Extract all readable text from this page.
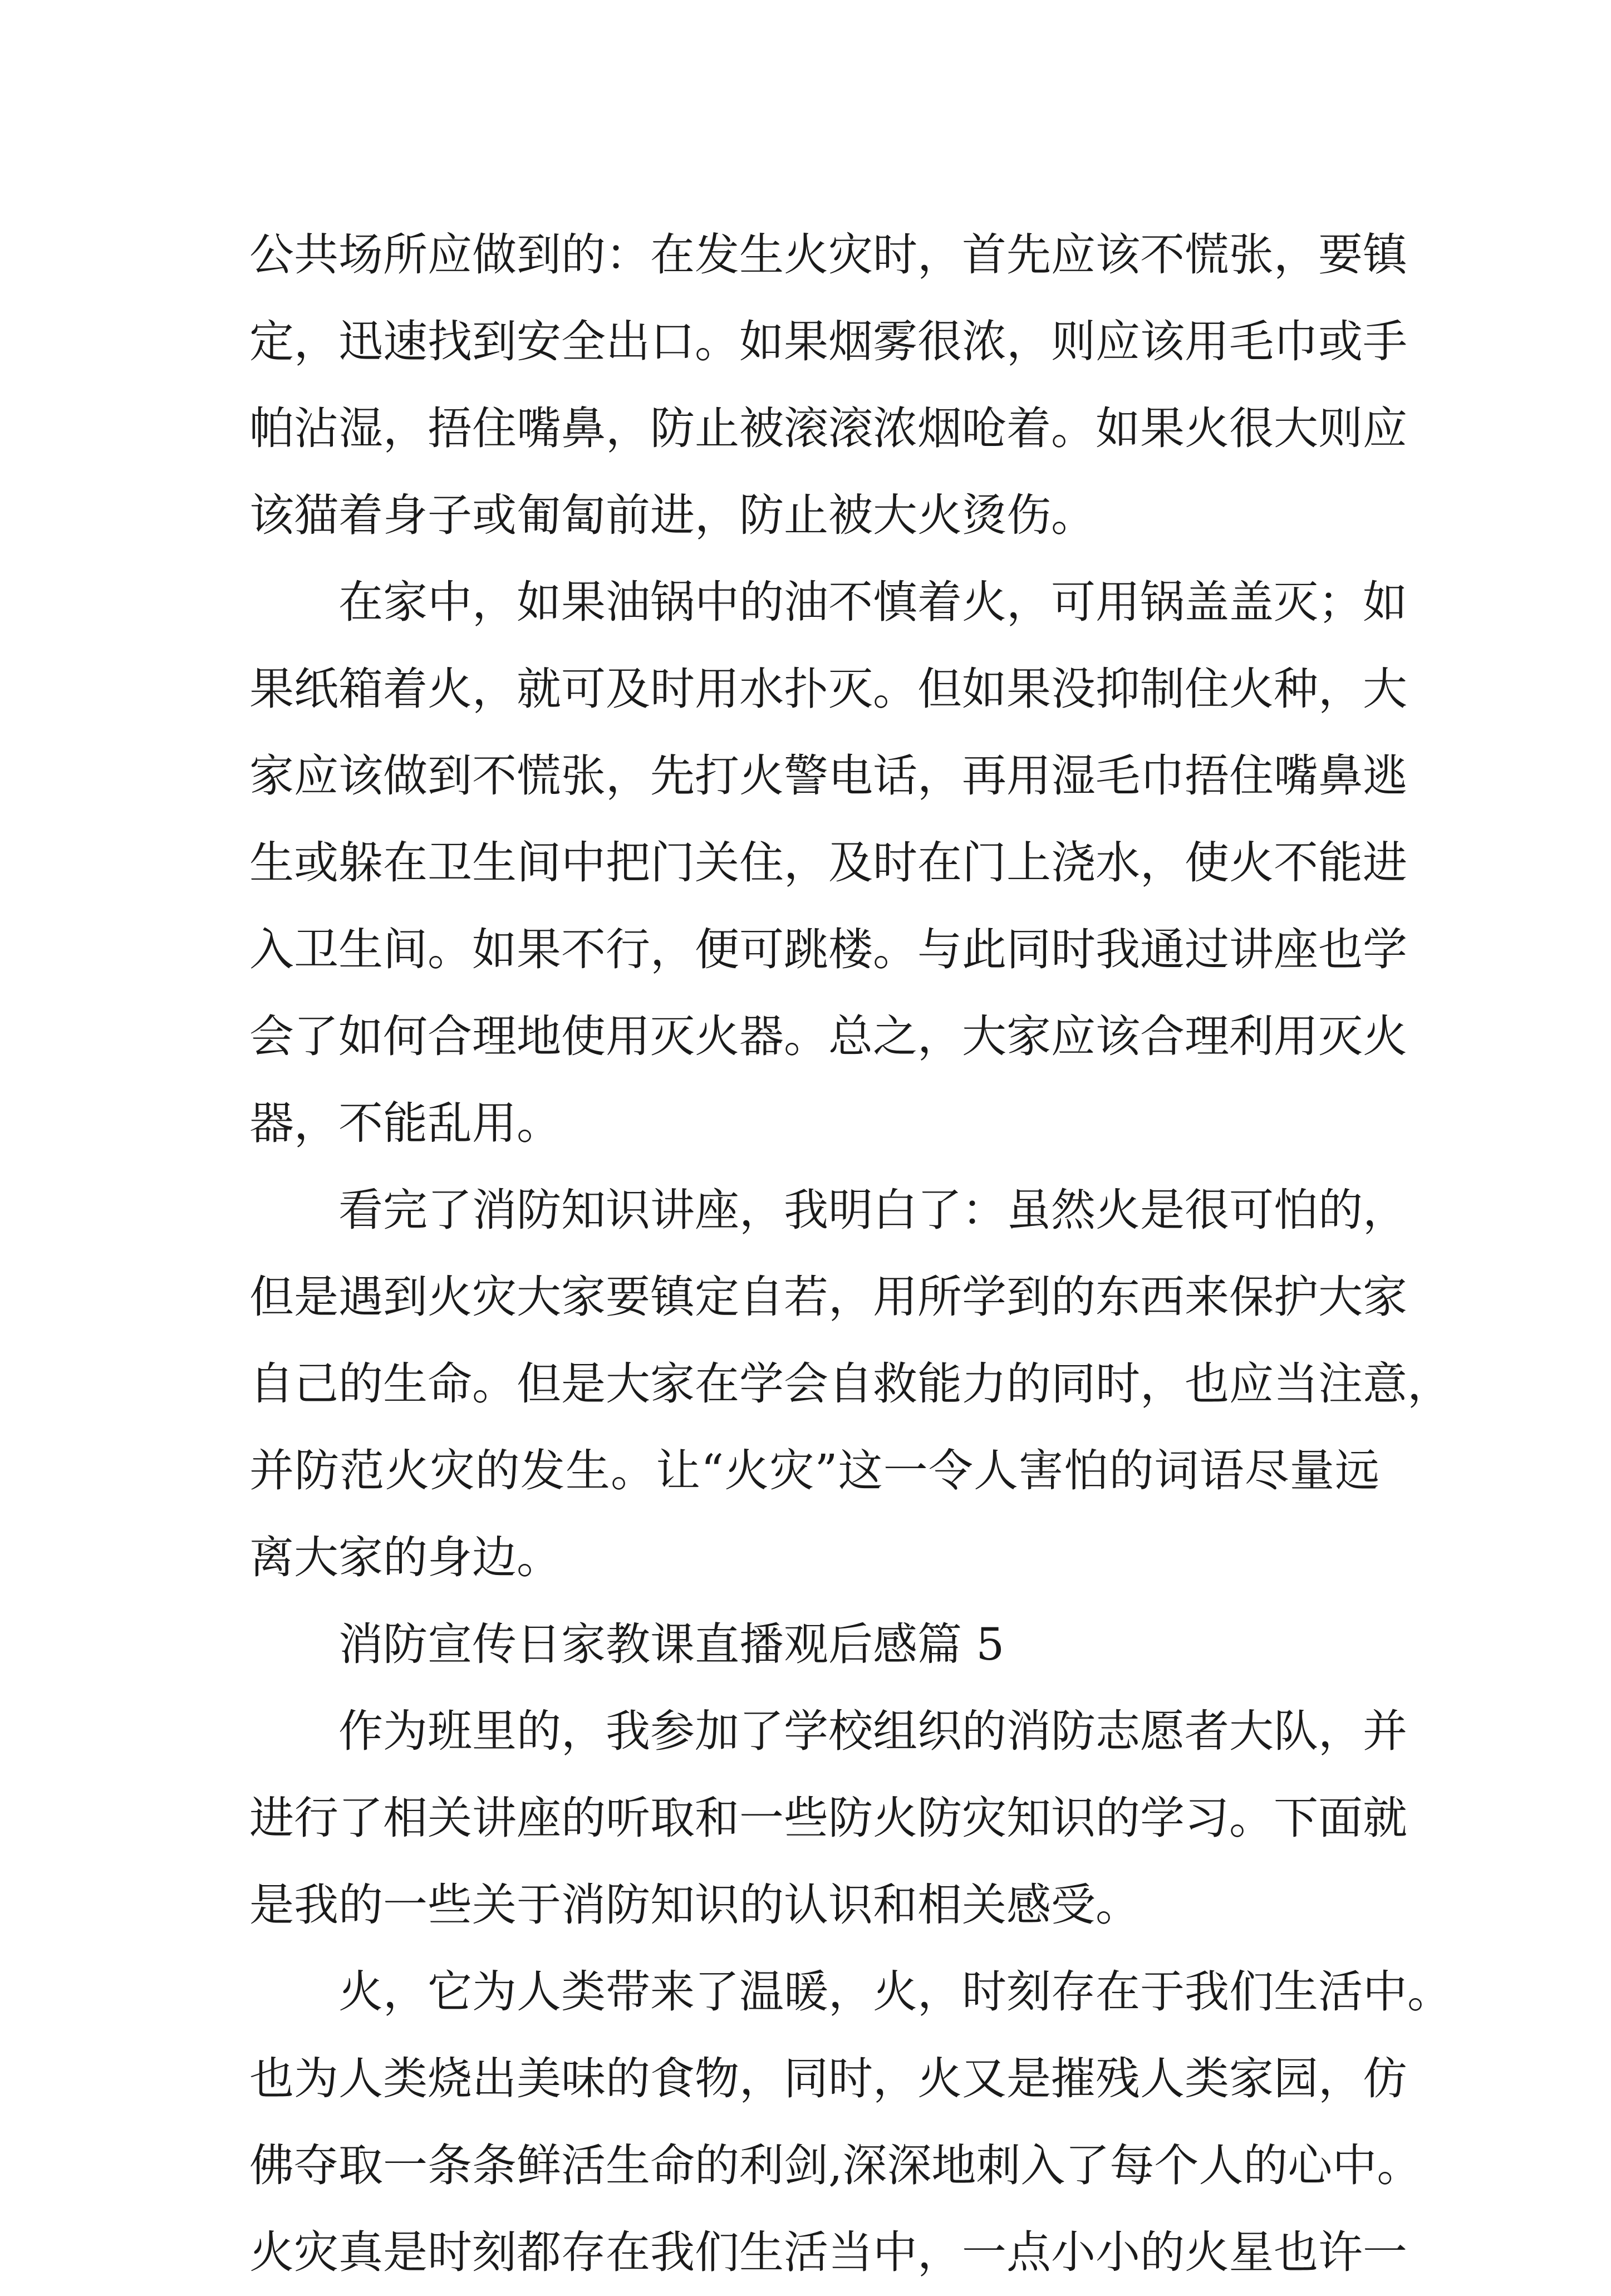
公共场所应做到的：在发生火灾时，首先应该不慌张，要镇
定，迅速找到安全出口。如果烟雾很浓，则应该用毛巾或手
帕沾湿，捂住嘴鼻，防止被滚滚浓烟呛着。如果火很大则应
该猫着身子或匍匐前进，防止被大火烫伤。
在家中，如果油锅中的油不慎着火，可用锅盖盖灭；如
果纸箱着火，就可及时用水扑灭。但如果没抑制住火种，大
家应该做到不慌张，先打火警电话，再用湿毛巾捂住嘴鼻逃
生或躲在卫生间中把门关住，及时在门上浇水，使火不能进
入卫生间。如果不行，便可跳楼。与此同时我通过讲座也学
会了如何合理地使用灭火器。总之，大家应该合理利用灭火
器，不能乱用。
看完了消防知识讲座，我明白了：虽然火是很可怕的，
但是遇到火灾大家要镇定自若，用所学到的东西来保护大家
自己的生命。但是大家在学会自救能力的同时，也应当注意，
并防范火灾的发生。让“火灾”这一令人害怕的词语尽量远
离大家的身边。
消防宣传日家教课直播观后感篇 5
作为班里的，我参加了学校组织的消防志愿者大队，并
进行了相关讲座的听取和一些防火防灾知识的学习。下面就
是我的一些关于消防知识的认识和相关感受。
火，它为人类带来了温暖，火，时刻存在于我们生活中。
也为人类烧出美味的食物，同时，火又是摧残人类家园，仿
佛夺取一条条鲜活生命的利剑,深深地刺入了每个人的心中。
火灾真是时刻都存在我们生活当中，一点小小的火星也许一
